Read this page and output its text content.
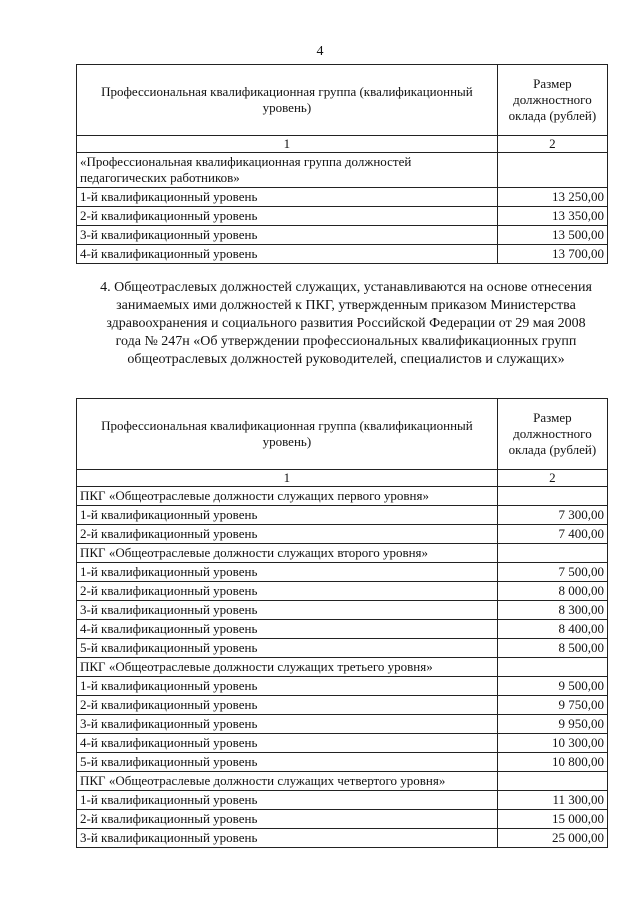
4
Профессиональная квалификационная группа (квалификационный уровень)	Размер должностного оклада (рублей)
1	2
«Профессиональная квалификационная группа должностей педагогических работников»	
1-й квалификационный уровень	13 250,00
2-й квалификационный уровень	13 350,00
3-й квалификационный уровень	13 500,00
4-й квалификационный уровень	13 700,00
4. Общеотраслевых должностей служащих, устанавливаются на основе отнесения занимаемых ими должностей к ПКГ, утвержденным приказом Министерства здравоохранения и социального развития Российской Федерации от 29 мая 2008 года № 247н «Об утверждении профессиональных квалификационных групп общеотраслевых должностей руководителей, специалистов и служащих»
Профессиональная квалификационная группа (квалификационный уровень)	Размер должностного оклада (рублей)
1	2
ПКГ «Общеотраслевые должности служащих первого уровня»	
1-й квалификационный уровень	7 300,00
2-й квалификационный уровень	7 400,00
ПКГ «Общеотраслевые должности служащих второго уровня»	
1-й квалификационный уровень	7 500,00
2-й квалификационный уровень	8 000,00
3-й квалификационный уровень	8 300,00
4-й квалификационный уровень	8 400,00
5-й квалификационный уровень	8 500,00
ПКГ «Общеотраслевые должности служащих третьего уровня»	
1-й квалификационный уровень	9 500,00
2-й квалификационный уровень	9 750,00
3-й квалификационный уровень	9 950,00
4-й квалификационный уровень	10 300,00
5-й квалификационный уровень	10 800,00
ПКГ «Общеотраслевые должности служащих четвертого уровня»	
1-й квалификационный уровень	11 300,00
2-й квалификационный уровень	15 000,00
3-й квалификационный уровень	25 000,00
